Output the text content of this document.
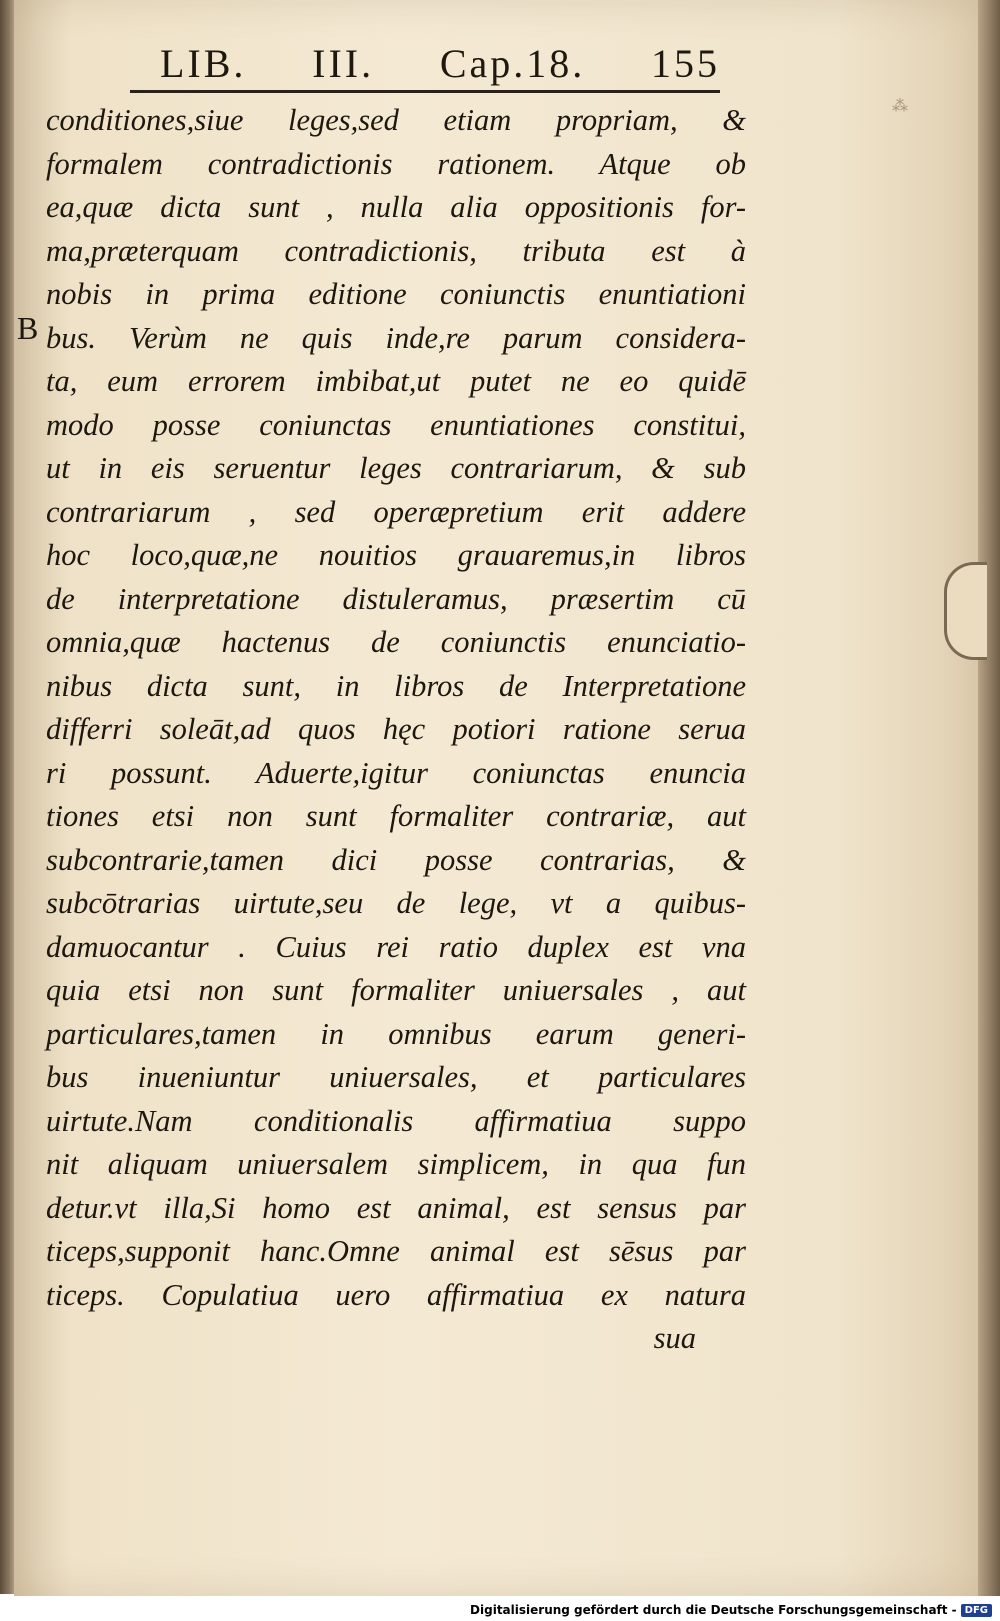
LIB. III. Cap.18. 155
B
conditiones,siue leges,sed etiam propriam, &
formalem contradictionis rationem. Atque ob
ea,quæ dicta sunt , nulla alia oppositionis for-
ma,præterquam contradictionis, tributa est à
nobis in prima editione coniunctis enuntiationi
bus. Verùm ne quis inde,re parum considera-
ta, eum errorem imbibat,ut putet ne eo quidē
modo posse coniunctas enuntiationes constitui,
ut in eis seruentur leges contrariarum, & sub
contrariarum , sed operæpretium erit addere
hoc loco,quæ,ne nouitios grauaremus,in libros
de interpretatione distuleramus, præsertim cū
omnia,quæ hactenus de coniunctis enunciatio-
nibus dicta sunt, in libros de Interpretatione
differri soleāt,ad quos hęc potiori ratione serua
ri possunt. Aduerte,igitur coniunctas enuncia
tiones etsi non sunt formaliter contrariæ, aut
subcontrarie,tamen dici posse contrarias, &
subcōtrarias uirtute,seu de lege, vt a quibus-
damuocantur . Cuius rei ratio duplex est vna
quia etsi non sunt formaliter uniuersales , aut
particulares,tamen in omnibus earum generi-
bus inueniuntur uniuersales, et particulares
uirtute.Nam conditionalis affirmatiua suppo
nit aliquam uniuersalem simplicem, in qua fun
detur.vt illa,Si homo est animal, est sensus par
ticeps,supponit hanc.Omne animal est sēsus par
ticeps. Copulatiua uero affirmatiua ex natura
sua
⁂
Digitalisierung gefördert durch die Deutsche Forschungsgemeinschaft - DFG
